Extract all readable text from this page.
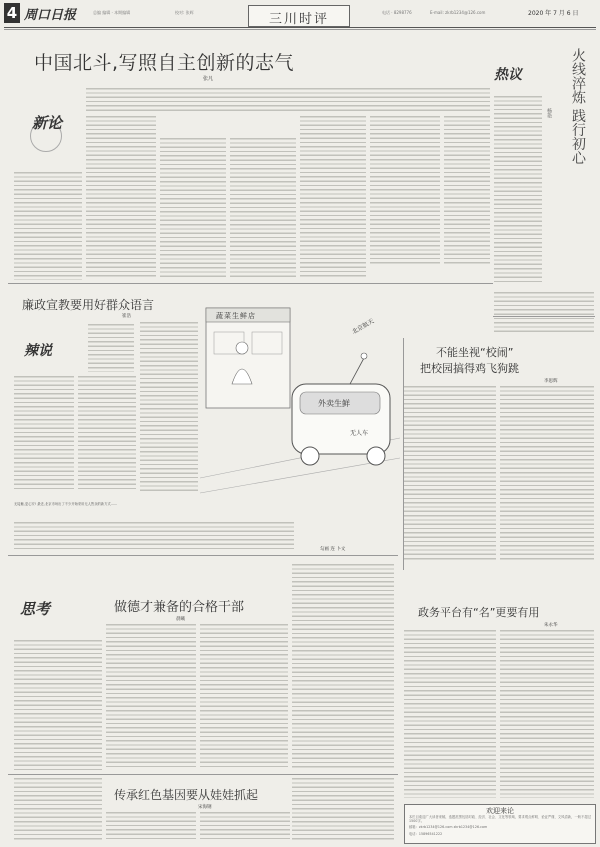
4 周口日报	总编 编辑 · 本期编辑	校对: 张辉	三川时评	电话 · 8298776	E-mail: zkrb1234@126.com	2020 年 7 月 6 日
中国北斗,写照自主创新的志气
张凡
新论
热议	火线淬炼 践行初心
杨艳
廉政宣教要用好群众语言
崔浩
辣说
蔬菜生鲜店
北京航天
外卖生鲜
无人车
无接触,更心安! 最近,北京市场出了不少开始采用无人售卖的新方式……
勾画 连 卜文
不能坐视“校闹”
把校园搞得鸡飞狗跳
李思辉
思考	做德才兼备的合格干部
晨曦
传承红色基因要从娃娃抓起
宋海钢
政务平台有“名”更要有用
朱永华
欢迎来论
本栏目欢迎广大读者来稿，选题范围包括时政、经济、社会、文化等领域，要求观点鲜明、论证严谨、文风清新，一般不超过1500字。
邮箱：zkrb1234@126.com zkrb1234@126.com
电话：15896541222
